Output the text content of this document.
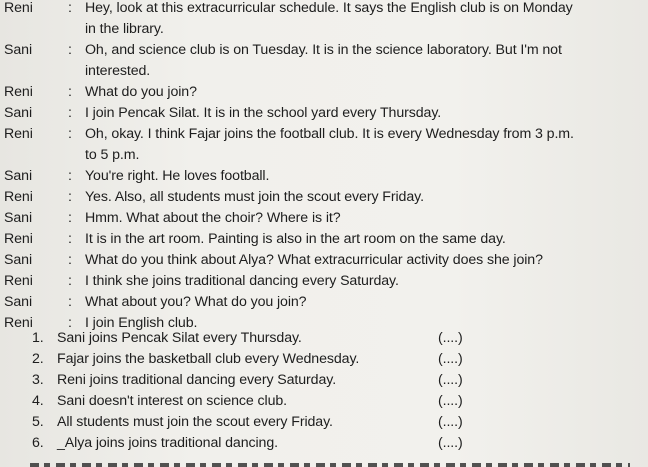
Reni	: Hey, look at this extracurricular schedule. It says the English club is on Monday
in the library.
Sani	: Oh, and science club is on Tuesday. It is in the science laboratory. But I'm not
interested.
Reni	: What do you join?
Sani	: I join Pencak Silat. It is in the school yard every Thursday.
Reni	: Oh, okay. I think Fajar joins the football club. It is every Wednesday from 3 p.m.
to 5 p.m.
Sani	: You're right. He loves football.
Reni	: Yes. Also, all students must join the scout every Friday.
Sani	: Hmm. What about the choir? Where is it?
Reni	: It is in the art room. Painting is also in the art room on the same day.
Sani	: What do you think about Alya? What extracurricular activity does she join?
Reni	: I think she joins traditional dancing every Saturday.
Sani	: What about you? What do you join?
Reni	: I join English club.
1. Sani joins Pencak Silat every Thursday.	(....)
2. Fajar joins the basketball club every Wednesday.	(....)
3. Reni joins traditional dancing every Saturday.	(....)
4. Sani doesn't interest on science club.	(....)
5. All students must join the scout every Friday.	(....)
6. _Alya joins joins traditional dancing.	(....)
